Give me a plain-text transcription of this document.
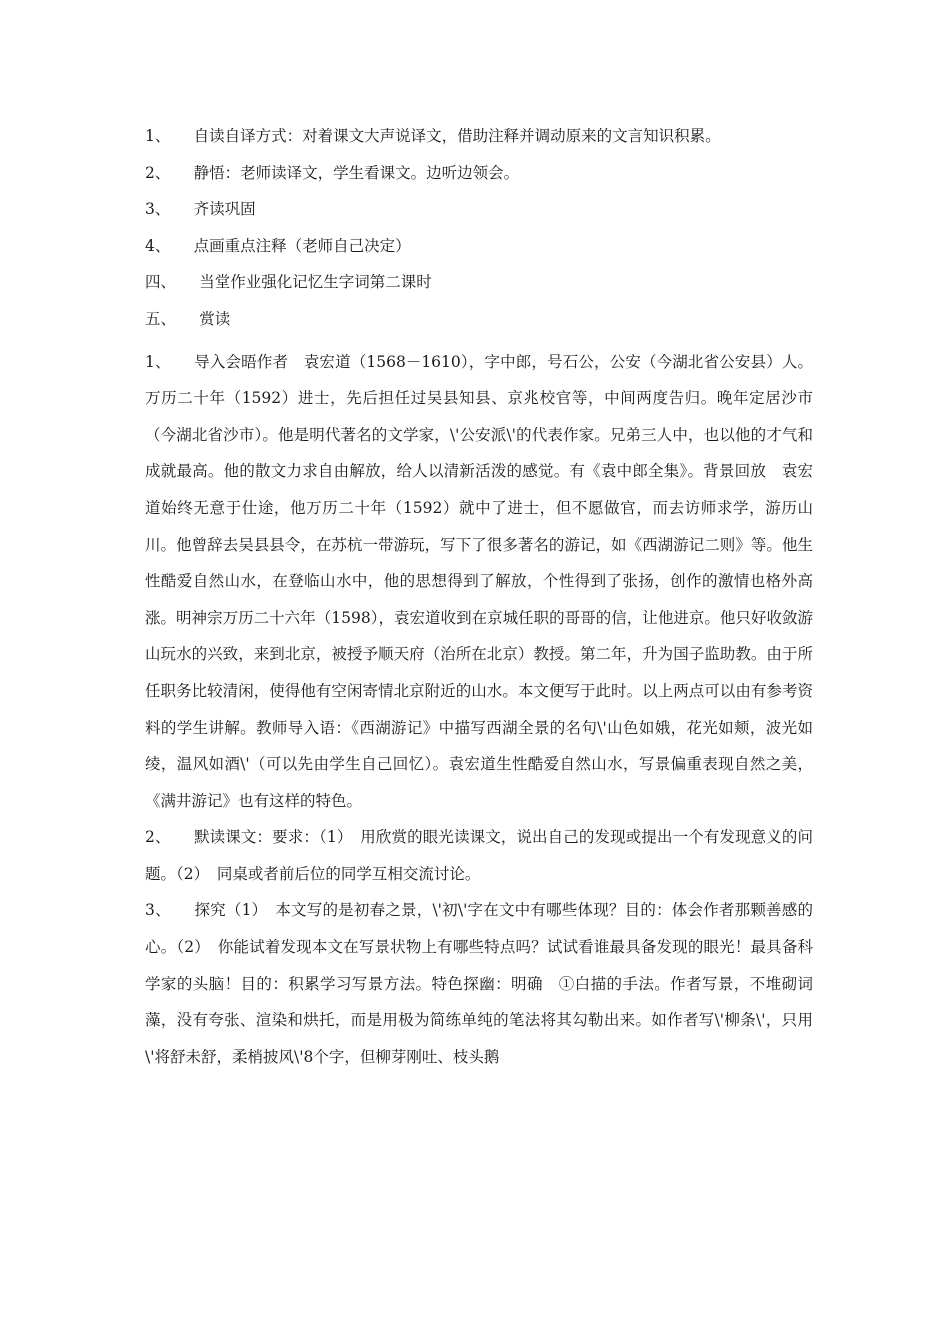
1、　　自读自译方式：对着课文大声说译文，借助注释并调动原来的文言知识积累。
2、　　静悟：老师读译文，学生看课文。边听边领会。
3、　　齐读巩固
4、　　点画重点注释（老师自己决定）
四、　　当堂作业强化记忆生字词第二课时
五、　　赏读
1、　　导入会晤作者　袁宏道（1568－1610），字中郎，号石公，公安（今湖北省公安县）人。万历二十年（1592）进士，先后担任过吴县知县、京兆校官等，中间两度告归。晚年定居沙市（今湖北省沙市）。他是明代著名的文学家，\'公安派\'的代表作家。兄弟三人中，也以他的才气和成就最高。他的散文力求自由解放，给人以清新活泼的感觉。有《袁中郎全集》。背景回放　袁宏道始终无意于仕途，他万历二十年（1592）就中了进士，但不愿做官，而去访师求学，游历山川。他曾辞去吴县县令，在苏杭一带游玩，写下了很多著名的游记，如《西湖游记二则》等。他生性酷爱自然山水，在登临山水中，他的思想得到了解放，个性得到了张扬，创作的激情也格外高涨。明神宗万历二十六年（1598），袁宏道收到在京城任职的哥哥的信，让他进京。他只好收敛游山玩水的兴致，来到北京，被授予顺天府（治所在北京）教授。第二年，升为国子监助教。由于所任职务比较清闲，使得他有空闲寄情北京附近的山水。本文便写于此时。以上两点可以由有参考资料的学生讲解。教师导入语：《西湖游记》中描写西湖全景的名句\'山色如娥，花光如颊，波光如绫，温风如酒\'（可以先由学生自己回忆）。袁宏道生性酷爱自然山水，写景偏重表现自然之美，《满井游记》也有这样的特色。
2、　　默读课文：要求：（1）　用欣赏的眼光读课文，说出自己的发现或提出一个有发现意义的问题。（2）　同桌或者前后位的同学互相交流讨论。
3、　　探究（1）　本文写的是初春之景，\'初\'字在文中有哪些体现？目的：体会作者那颗善感的心。（2）　你能试着发现本文在写景状物上有哪些特点吗？试试看谁最具备发现的眼光！最具备科学家的头脑！目的：积累学习写景方法。特色探幽：明确　①白描的手法。作者写景，不堆砌词藻，没有夸张、渲染和烘托，而是用极为简练单纯的笔法将其勾勒出来。如作者写\'柳条\'，只用\'将舒未舒，柔梢披风\'8个字，但柳芽刚吐、枝头鹅
